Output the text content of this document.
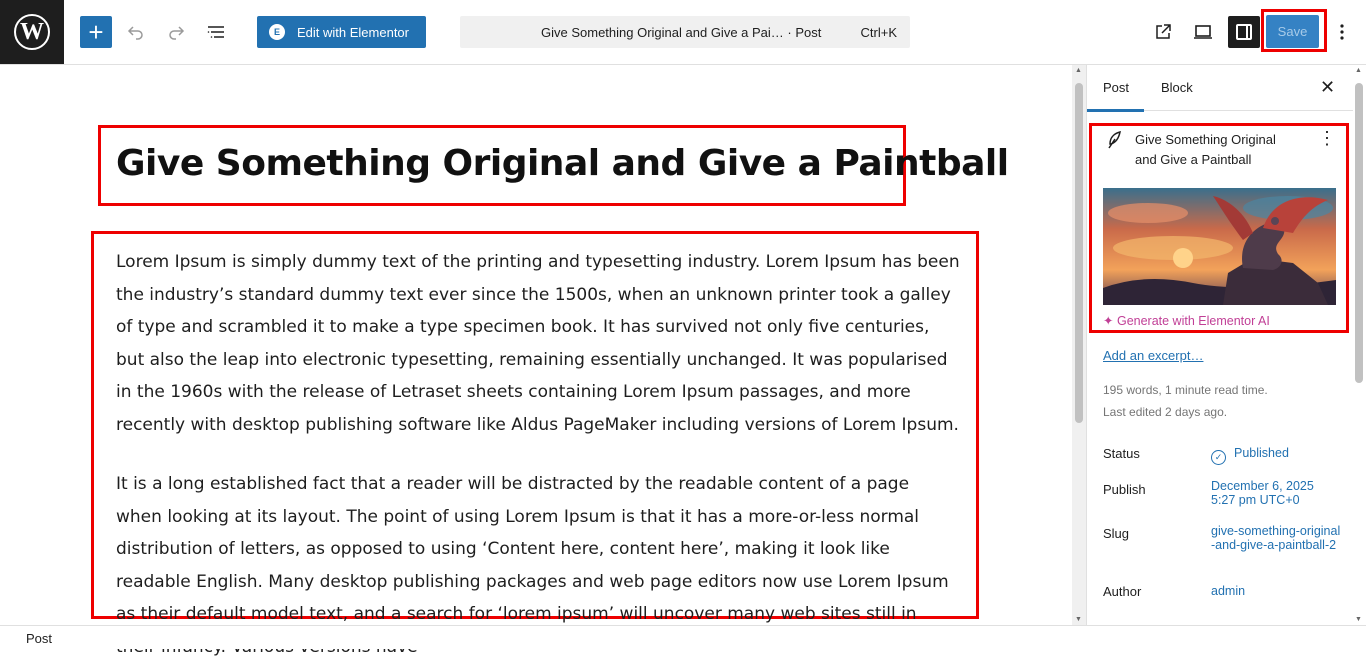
W	+	E	Edit with Elementor	Give Something Original and Give a Pai… · Post	Ctrl+K	Save
Give Something Original and Give a Paintball

Lorem Ipsum is simply dummy text of the printing and typesetting industry. Lorem Ipsum has been the industry’s standard dummy text ever since the 1500s, when an unknown printer took a galley of type and scrambled it to make a type specimen book. It has survived not only five centuries, but also the leap into electronic typesetting, remaining essentially unchanged. It was popularised in the 1960s with the release of Letraset sheets containing Lorem Ipsum passages, and more recently with desktop publishing software like Aldus PageMaker including versions of Lorem Ipsum.

It is a long established fact that a reader will be distracted by the readable content of a page when looking at its layout. The point of using Lorem Ipsum is that it has a more-or-less normal distribution of letters, as opposed to using ‘Content here, content here’, making it look like readable English. Many desktop publishing packages and web page editors now use Lorem Ipsum as their default model text, and a search for ‘lorem ipsum’ will uncover many web sites still in

▲
▼
Post Block	✕
Give Something Original and Give a Paintball
⋮
✦ Generate with Elementor AI
Add an excerpt…
195 words, 1 minute read time.
Last edited 2 days ago.
Status	✓ Published
Publish	December 6, 2025 5:27 pm UTC+0
Slug	give-something-original-and-give-a-paintball-2
Author	admin
▲
▼
Post
